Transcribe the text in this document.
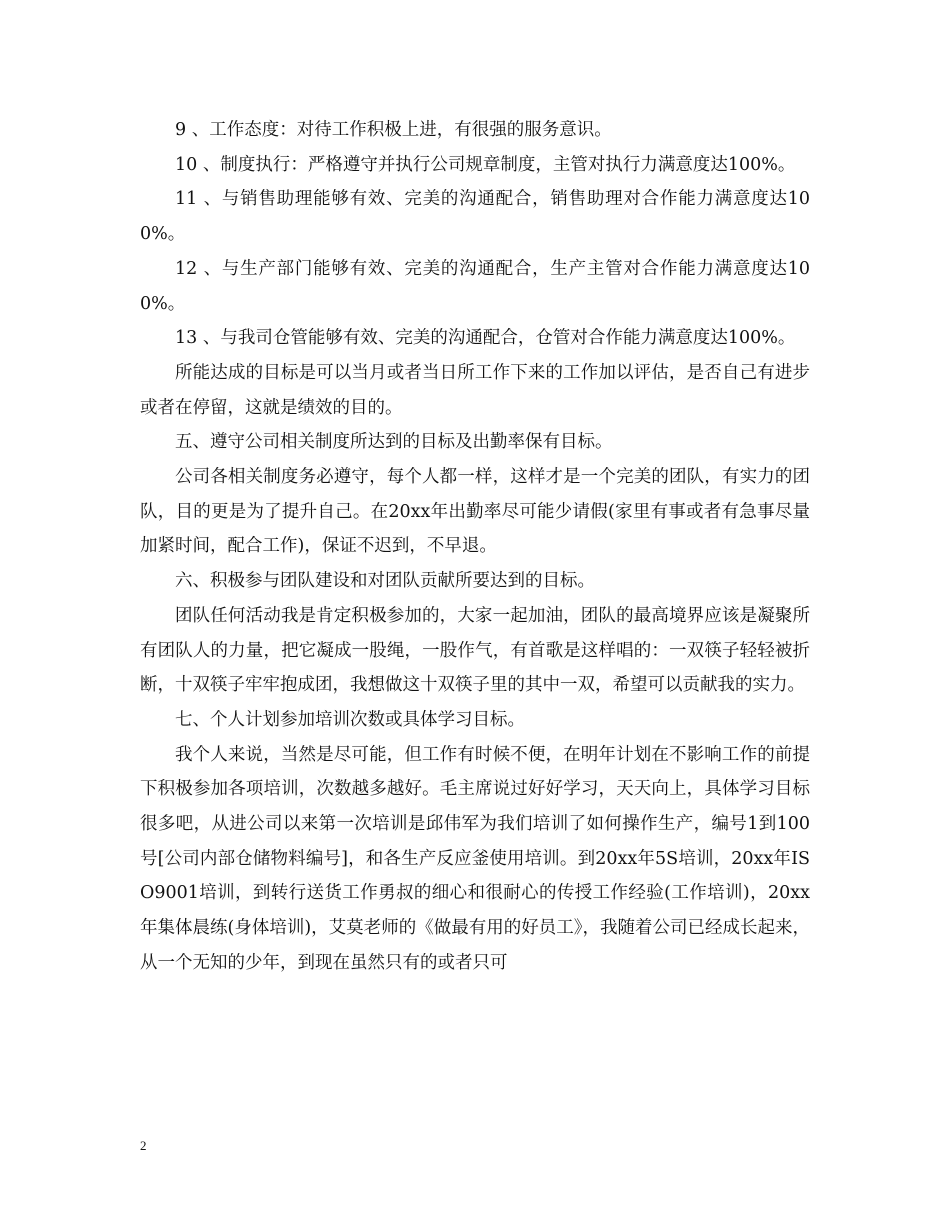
9 、工作态度：对待工作积极上进，有很强的服务意识。

10 、制度执行：严格遵守并执行公司规章制度，主管对执行力满意度达100%。

11 、与销售助理能够有效、完美的沟通配合，销售助理对合作能力满意度达100%。

12 、与生产部门能够有效、完美的沟通配合，生产主管对合作能力满意度达100%。

13 、与我司仓管能够有效、完美的沟通配合，仓管对合作能力满意度达100%。

所能达成的目标是可以当月或者当日所工作下来的工作加以评估，是否自己有进步或者在停留，这就是绩效的目的。

五、遵守公司相关制度所达到的目标及出勤率保有目标。

公司各相关制度务必遵守，每个人都一样，这样才是一个完美的团队，有实力的团队，目的更是为了提升自己。在20xx年出勤率尽可能少请假(家里有事或者有急事尽量加紧时间，配合工作)，保证不迟到，不早退。

六、积极参与团队建设和对团队贡献所要达到的目标。

团队任何活动我是肯定积极参加的，大家一起加油，团队的最高境界应该是凝聚所有团队人的力量，把它凝成一股绳，一股作气，有首歌是这样唱的：一双筷子轻轻被折断，十双筷子牢牢抱成团，我想做这十双筷子里的其中一双，希望可以贡献我的实力。

七、个人计划参加培训次数或具体学习目标。

我个人来说，当然是尽可能，但工作有时候不便，在明年计划在不影响工作的前提下积极参加各项培训，次数越多越好。毛主席说过好好学习，天天向上，具体学习目标很多吧，从进公司以来第一次培训是邱伟军为我们培训了如何操作生产，编号1到100号[公司内部仓储物料编号]，和各生产反应釜使用培训。到20xx年5S培训，20xx年ISO9001培训，到转行送货工作勇叔的细心和很耐心的传授工作经验(工作培训)，20xx年集体晨练(身体培训)，艾莫老师的《做最有用的好员工》，我随着公司已经成长起来，从一个无知的少年，到现在虽然只有的或者只可

2
